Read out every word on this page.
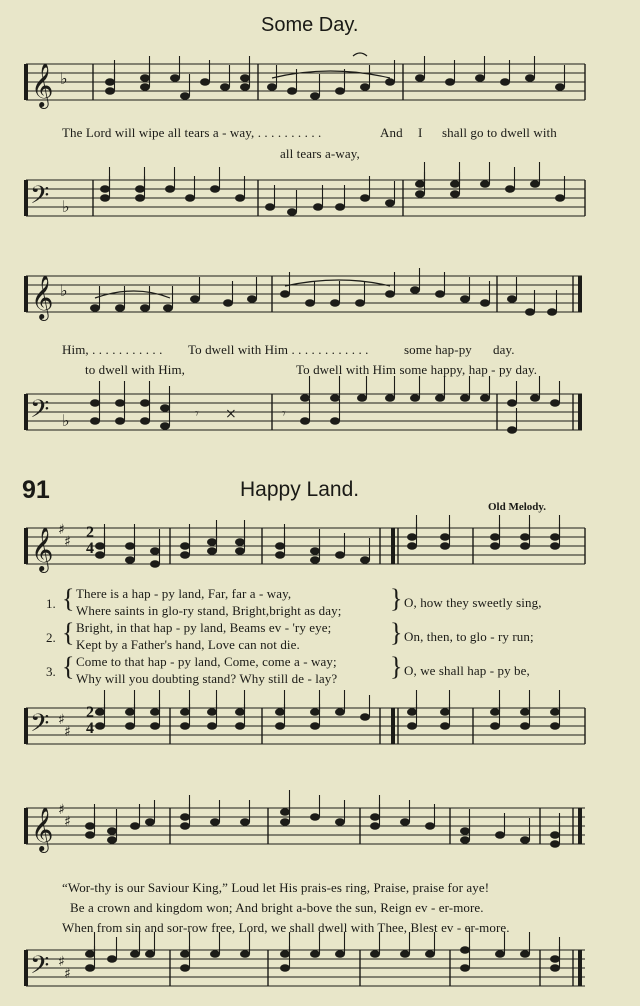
Some Day.
𝄞 ♭
The Lord will wipe all tears a - way, . . . . . . . . . .	And I shall go to dwell with
all tears a-way,
𝄢 ♭
𝄞 ♭
Him, . . . . . . . . . . . To dwell with Him . . . . . . . . . . . .	some hap-py day.
to dwell with Him,	To dwell with Him some happy, hap - py day.
𝄢 ♭	𝄾 ×	𝄾
91	Happy Land.
Old Melody.
𝄞 ♯
♯
2
4
1. { There is a hap - py land, Far, far a - way,
Where saints in glo-ry stand, Bright,bright as day; } O, how they sweetly sing,
2. { Bright, in that hap - py land, Beams ev - 'ry eye;
Kept by a Father's hand, Love can not die.	} On, then, to glo - ry run;
3. { Come to that hap - py land, Come, come a - way;
Why will you doubting stand? Why still de - lay? } O, we shall hap - py be,
𝄢 ♯
♯
2
4
𝄞 ♯
♯
“Wor-thy is our Saviour King,” Loud let His prais-es ring, Praise, praise for aye!
Be a crown and kingdom won; And bright a-bove the sun, Reign ev - er-more.
When from sin and sor-row free, Lord, we shall dwell with Thee, Blest ev - er-more.
𝄢 ♯
♯
